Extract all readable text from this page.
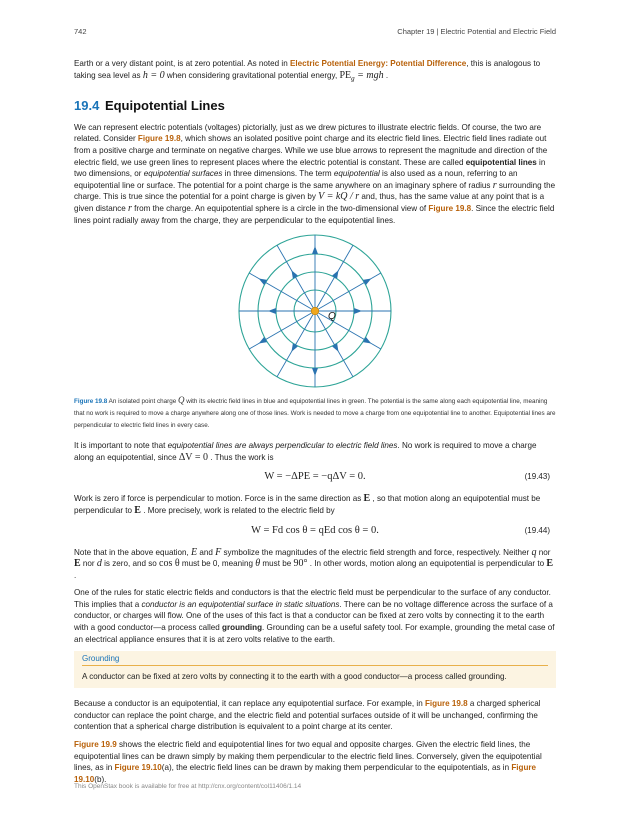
742	Chapter 19 | Electric Potential and Electric Field

Earth or a very distant point, is at zero potential. As noted in Electric Potential Energy: Potential Difference, this is analogous to taking sea level as h = 0 when considering gravitational potential energy, $PE_g$ = mgh .

19.4 Equipotential Lines

We can represent electric potentials (voltages) pictorially, just as we drew pictures to illustrate electric fields. Of course, the two are related. Consider Figure 19.8, which shows an isolated positive point charge and its electric field lines. Electric field lines radiate out from a positive charge and terminate on negative charges. While we use blue arrows to represent the magnitude and direction of the electric field, we use green lines to represent places where the electric potential is constant. These are called equipotential lines in two dimensions, or equipotential surfaces in three dimensions. The term equipotential is also used as a noun, referring to an equipotential line or surface. The potential for a point charge is the same anywhere on an imaginary sphere of radius r surrounding the charge. This is true since the potential for a point charge is given by V = kQ / r and, thus, has the same value at any point that is a given distance r from the charge. An equipotential sphere is a circle in the two-dimensional view of Figure 19.8. Since the electric field lines point radially away from the charge, they are perpendicular to the equipotential lines.

Q
Figure 19.8 An isolated point charge Q with its electric field lines in blue and equipotential lines in green. The potential is the same along each equipotential line, meaning that no work is required to move a charge anywhere along one of those lines. Work is needed to move a charge from one equipotential line to another. Equipotential lines are perpendicular to electric field lines in every case.

It is important to note that equipotential lines are always perpendicular to electric field lines. No work is required to move a charge along an equipotential, since ΔV = 0 . Thus the work is

W = −ΔPE = −qΔV = 0.	(19.43)

Work is zero if force is perpendicular to motion. Force is in the same direction as E , so that motion along an equipotential must be perpendicular to E . More precisely, work is related to the electric field by

W = Fd cos θ = qEd cos θ = 0.	(19.44)

Note that in the above equation, E and F symbolize the magnitudes of the electric field strength and force, respectively. Neither q nor E nor d is zero, and so cos θ must be 0, meaning θ must be 90° . In other words, motion along an equipotential is perpendicular to E .

One of the rules for static electric fields and conductors is that the electric field must be perpendicular to the surface of any conductor. This implies that a conductor is an equipotential surface in static situations. There can be no voltage difference across the surface of a conductor, or charges will flow. One of the uses of this fact is that a conductor can be fixed at zero volts by connecting it to the earth with a good conductor—a process called grounding. Grounding can be a useful safety tool. For example, grounding the metal case of an electrical appliance ensures that it is at zero volts relative to the earth.

Grounding
A conductor can be fixed at zero volts by connecting it to the earth with a good conductor—a process called grounding.

Because a conductor is an equipotential, it can replace any equipotential surface. For example, in Figure 19.8 a charged spherical conductor can replace the point charge, and the electric field and potential surfaces outside of it will be unchanged, confirming the contention that a spherical charge distribution is equivalent to a point charge at its center.

Figure 19.9 shows the electric field and equipotential lines for two equal and opposite charges. Given the electric field lines, the equipotential lines can be drawn simply by making them perpendicular to the electric field lines. Conversely, given the equipotential lines, as in Figure 19.10(a), the electric field lines can be drawn by making them perpendicular to the equipotentials, as in Figure 19.10(b).

This OpenStax book is available for free at http://cnx.org/content/col11406/1.14
